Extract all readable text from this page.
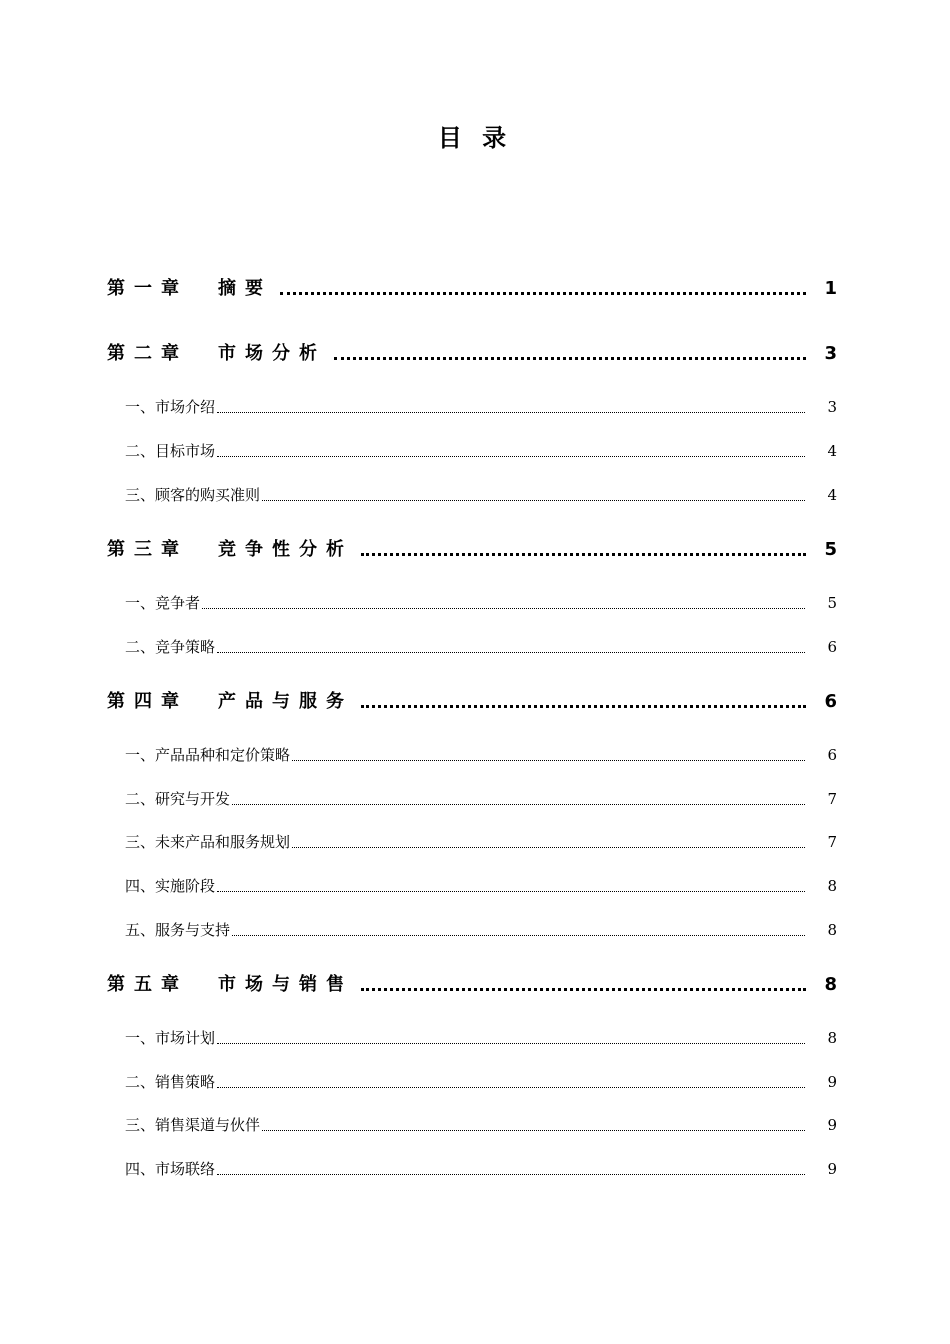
目 录
第一章 摘要	1
第二章 市场分析	3
一、市场介绍	3
二、目标市场	4
三、顾客的购买准则	4
第三章 竞争性分析	5
一、竞争者	5
二、竞争策略	6
第四章 产品与服务	6
一、产品品种和定价策略	6
二、研究与开发	7
三、未来产品和服务规划	7
四、实施阶段	8
五、服务与支持	8
第五章 市场与销售	8
一、市场计划	8
二、销售策略	9
三、销售渠道与伙伴	9
四、市场联络	9
